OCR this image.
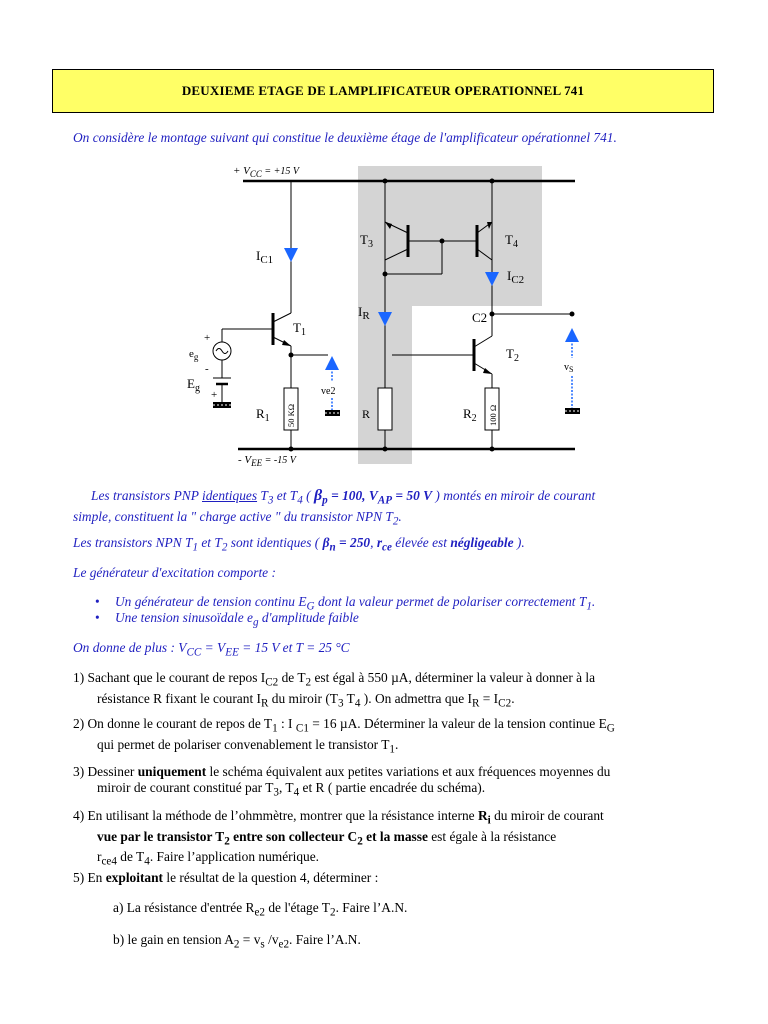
DEUXIEME ETAGE DE LAMPLIFICATEUR OPERATIONNEL 741
On considère le montage suivant qui constitue le deuxième étage de l'amplificateur opérationnel 741.
+ $V_{CC} = +15$ V
- $V_{EE} = -15$ V
$I_{C1}$
$T_1$
50 KΩ
$R_1$
+
-
$e_g$
$E_g$
+	ve2
$T_3$	$T_4$
$I_R$
$I_{C2}$
C2
$T_2$
R	100 Ω
$R_2$
$v_S$
Les transistors PNP identiques $T_3$ et $T_4$ ( $\beta_p = 100$, $V_{AP} = 50$ V ) montés en miroir de courant
simple, constituent la " charge active " du transistor NPN $T_2$.
Les transistors NPN $T_1$ et $T_2$ sont identiques ( $\beta_n = 250$, $r_{ce}$ élevée est négligeable ).
Le générateur d'excitation comporte :
• Un générateur de tension continu $E_G$ dont la valeur permet de polariser correctement $T_1$.
• Une tension sinusoïdale $e_g$ d'amplitude faible
On donne de plus : $V_{CC} = V_{EE} = 15$ V et T = 25 °C
1) Sachant que le courant de repos $I_{C2}$ de $T_2$ est égal à 550 µA, déterminer la valeur à donner à la

résistance R fixant le courant $I_R$ du miroir ($T_3$ $T_4$ ). On admettra que $I_R = I_{C2}$.
2) On donne le courant de repos de $T_1$ : I $_{C1}$ = 16 µA. Déterminer la valeur de la tension continue $E_G$

qui permet de polariser convenablement le transistor $T_1$.
3) Dessiner uniquement le schéma équivalent aux petites variations et aux fréquences moyennes du

miroir de courant constitué par $T_3$, $T_4$ et R ( partie encadrée du schéma).
4) En utilisant la méthode de l’ohmmètre, montrer que la résistance interne $R_i$ du miroir de courant

vue par le transistor $T_2$ entre son collecteur $C_2$ et la masse est égale à la résistance
$r_{ce4}$ de $T_4$. Faire l’application numérique.
5) En exploitant le résultat de la question 4, déterminer :
a) La résistance d'entrée $R_{e2}$ de l'étage $T_2$. Faire l’A.N.
b) le gain en tension $A_2 = v_s$ $/v_{e2}$. Faire l’A.N.
